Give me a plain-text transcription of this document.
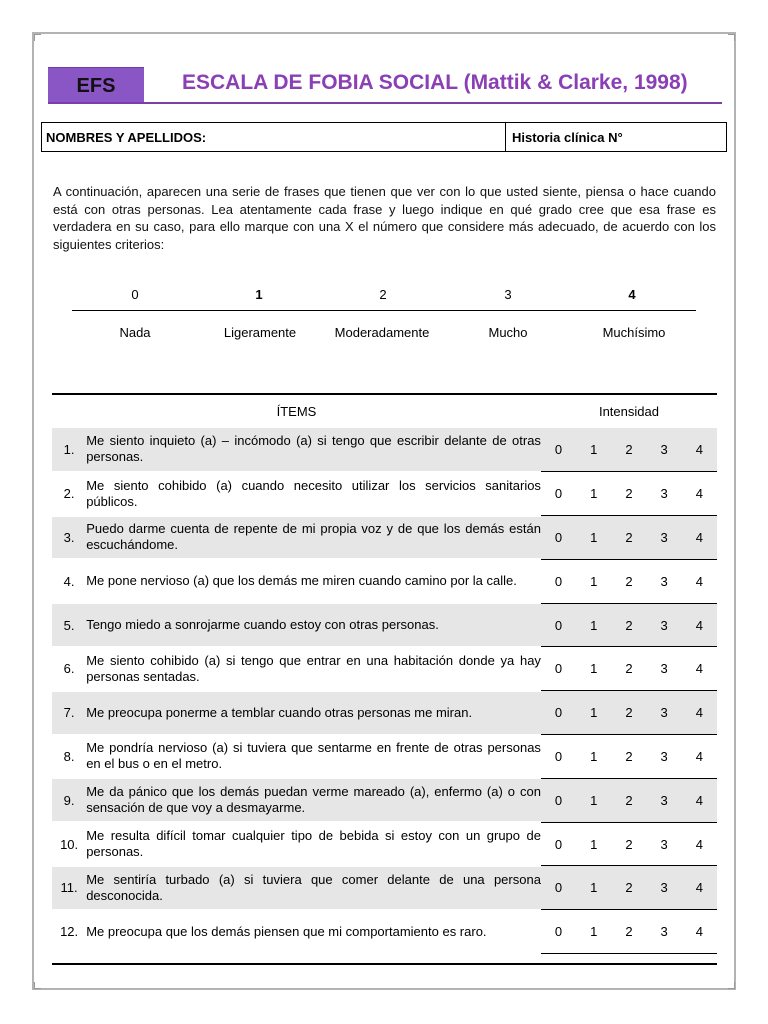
EFS	ESCALA DE FOBIA SOCIAL (Mattik & Clarke, 1998)
NOMBRES Y APELLIDOS:	Historia clínica N°
A continuación, aparecen una serie de frases que tienen que ver con lo que usted siente, piensa o hace cuando está con otras personas. Lea atentamente cada frase y luego indique en qué grado cree que esa frase es verdadera en su caso, para ello marque con una X el número que considere más adecuado, de acuerdo con los siguientes criterios:
0	1	2	3	4
Nada	Ligeramente	Moderadamente	Mucho	Muchísimo
ÍTEMS		Intensidad				
1.	Me siento inquieto (a) – incómodo (a) si tengo que escribir delante de otras personas.	0	1	2	3	4
2.	Me siento cohibido (a) cuando necesito utilizar los servicios sanitarios públicos.	0	1	2	3	4
3.	Puedo darme cuenta de repente de mi propia voz y de que los demás están escuchándome.	0	1	2	3	4
4.	Me pone nervioso (a) que los demás me miren cuando camino por la calle.	0	1	2	3	4
5.	Tengo miedo a sonrojarme cuando estoy con otras personas.	0	1	2	3	4
6.	Me siento cohibido (a) si tengo que entrar en una habitación donde ya hay personas sentadas.	0	1	2	3	4
7.	Me preocupa ponerme a temblar cuando otras personas me miran.	0	1	2	3	4
8.	Me pondría nervioso (a) si tuviera que sentarme en frente de otras personas en el bus o en el metro.	0	1	2	3	4
9.	Me da pánico que los demás puedan verme mareado (a), enfermo (a) o con sensación de que voy a desmayarme.	0	1	2	3	4
10.	Me resulta difícil tomar cualquier tipo de bebida si estoy con un grupo de personas.	0	1	2	3	4
11.	Me sentiría turbado (a) si tuviera que comer delante de una persona desconocida.	0	1	2	3	4
12.	Me preocupa que los demás piensen que mi comportamiento es raro.	0	1	2	3	4
